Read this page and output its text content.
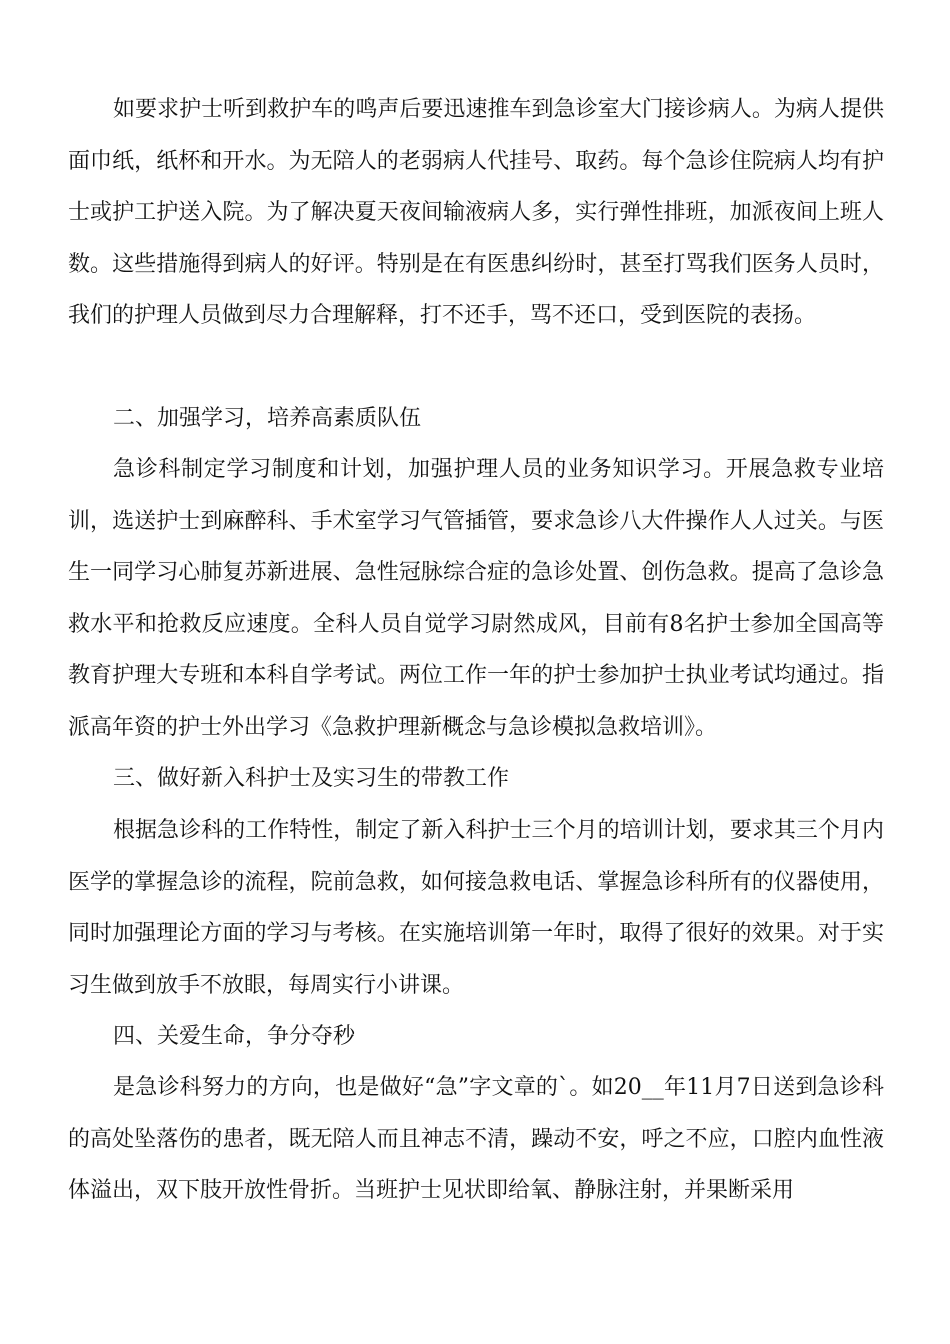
如要求护士听到救护车的鸣声后要迅速推车到急诊室大门接诊病人。为病人提供面巾纸，纸杯和开水。为无陪人的老弱病人代挂号、取药。每个急诊住院病人均有护士或护工护送入院。为了解决夏天夜间输液病人多，实行弹性排班，加派夜间上班人数。这些措施得到病人的好评。特别是在有医患纠纷时，甚至打骂我们医务人员时，我们的护理人员做到尽力合理解释，打不还手，骂不还口，受到医院的表扬。

二、加强学习，培养高素质队伍

急诊科制定学习制度和计划，加强护理人员的业务知识学习。开展急救专业培训，选送护士到麻醉科、手术室学习气管插管，要求急诊八大件操作人人过关。与医生一同学习心肺复苏新进展、急性冠脉综合症的急诊处置、创伤急救。提高了急诊急救水平和抢救反应速度。全科人员自觉学习尉然成风，目前有8名护士参加全国高等教育护理大专班和本科自学考试。两位工作一年的护士参加护士执业考试均通过。指派高年资的护士外出学习《急救护理新概念与急诊模拟急救培训》。

三、做好新入科护士及实习生的带教工作

根据急诊科的工作特性，制定了新入科护士三个月的培训计划，要求其三个月内医学的掌握急诊的流程，院前急救，如何接急救电话、掌握急诊科所有的仪器使用，同时加强理论方面的学习与考核。在实施培训第一年时，取得了很好的效果。对于实习生做到放手不放眼，每周实行小讲课。

四、关爱生命，争分夺秒

是急诊科努力的方向，也是做好“急”字文章的`。如20__年11月7日送到急诊科的高处坠落伤的患者，既无陪人而且神志不清，躁动不安，呼之不应，口腔内血性液体溢出，双下肢开放性骨折。当班护士见状即给氧、静脉注射，并果断采用
